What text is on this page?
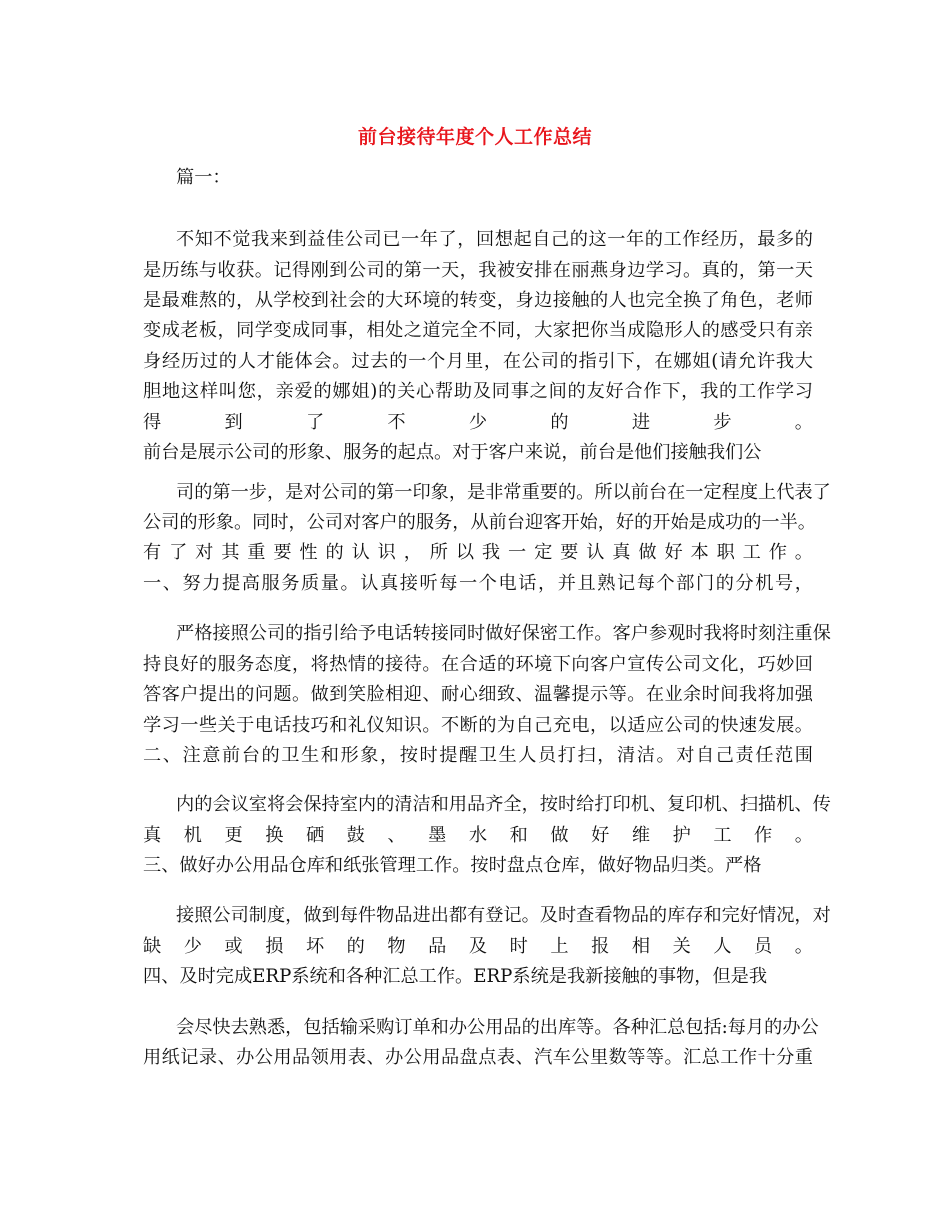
前台接待年度个人工作总结
篇一：
不知不觉我来到益佳公司已一年了，回想起自己的这一年的工作经历，最多的
是历练与收获。记得刚到公司的第一天，我被安排在丽燕身边学习。真的，第一天
是最难熬的，从学校到社会的大环境的转变，身边接触的人也完全换了角色，老师
变成老板，同学变成同事，相处之道完全不同，大家把你当成隐形人的感受只有亲
身经历过的人才能体会。过去的一个月里，在公司的指引下，在娜姐(请允许我大
胆地这样叫您，亲爱的娜姐)的关心帮助及同事之间的友好合作下，我的工作学习
得到了不少的进步。
前台是展示公司的形象、服务的起点。对于客户来说，前台是他们接触我们公
司的第一步，是对公司的第一印象，是非常重要的。所以前台在一定程度上代表了
公司的形象。同时，公司对客户的服务，从前台迎客开始，好的开始是成功的一半。
有了对其重要性的认识，所以我一定要认真做好本职工作。
一、努力提高服务质量。认真接听每一个电话，并且熟记每个部门的分机号，
严格接照公司的指引给予电话转接同时做好保密工作。客户参观时我将时刻注重保
持良好的服务态度，将热情的接待。在合适的环境下向客户宣传公司文化，巧妙回
答客户提出的问题。做到笑脸相迎、耐心细致、温馨提示等。在业余时间我将加强
学习一些关于电话技巧和礼仪知识。不断的为自己充电，以适应公司的快速发展。
二、注意前台的卫生和形象，按时提醒卫生人员打扫，清洁。对自己责任范围
内的会议室将会保持室内的清洁和用品齐全，按时给打印机、复印机、扫描机、传
真机更换硒鼓、墨水和做好维护工作。
三、做好办公用品仓库和纸张管理工作。按时盘点仓库，做好物品归类。严格
接照公司制度，做到每件物品进出都有登记。及时查看物品的库存和完好情况，对
缺少或损坏的物品及时上报相关人员。
四、及时完成ERP系统和各种汇总工作。ERP系统是我新接触的事物，但是我
会尽快去熟悉，包括输采购订单和办公用品的出库等。各种汇总包括:每月的办公
用纸记录、办公用品领用表、办公用品盘点表、汽车公里数等等。汇总工作十分重
